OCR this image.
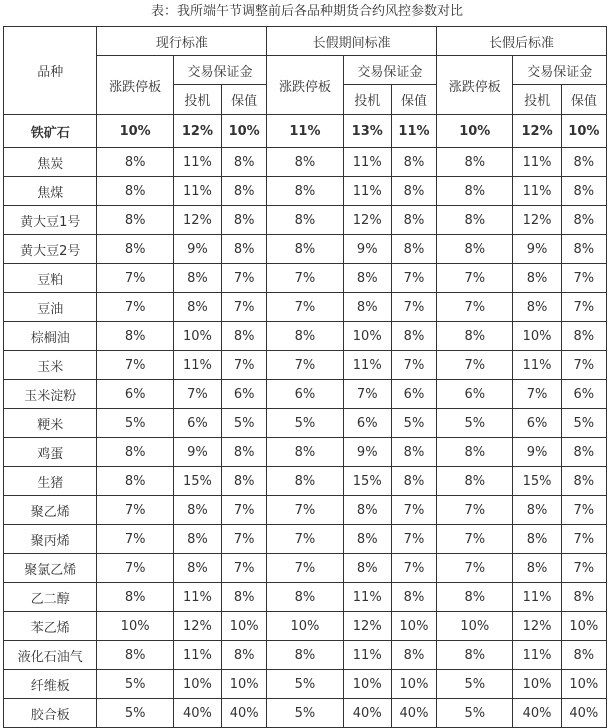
表：我所端午节调整前后各品种期货合约风控参数对比
品种	现行标准			长假期间标准			长假后标准		
	涨跌停板	交易保证金		涨跌停板	交易保证金		涨跌停板	交易保证金	
		投机	保值		投机	保值		投机	保值
铁矿石	10%	12%	10%	11%	13%	11%	10%	12%	10%
焦炭	8%	11%	8%	8%	11%	8%	8%	11%	8%
焦煤	8%	11%	8%	8%	11%	8%	8%	11%	8%
黄大豆1号	8%	12%	8%	8%	12%	8%	8%	12%	8%
黄大豆2号	8%	9%	8%	8%	9%	8%	8%	9%	8%
豆粕	7%	8%	7%	7%	8%	7%	7%	8%	7%
豆油	7%	8%	7%	7%	8%	7%	7%	8%	7%
棕榈油	8%	10%	8%	8%	10%	8%	8%	10%	8%
玉米	7%	11%	7%	7%	11%	7%	7%	11%	7%
玉米淀粉	6%	7%	6%	6%	7%	6%	6%	7%	6%
粳米	5%	6%	5%	5%	6%	5%	5%	6%	5%
鸡蛋	8%	9%	8%	8%	9%	8%	8%	9%	8%
生猪	8%	15%	8%	8%	15%	8%	8%	15%	8%
聚乙烯	7%	8%	7%	7%	8%	7%	7%	8%	7%
聚丙烯	7%	8%	7%	7%	8%	7%	7%	8%	7%
聚氯乙烯	7%	8%	7%	7%	8%	7%	7%	8%	7%
乙二醇	8%	11%	8%	8%	11%	8%	8%	11%	8%
苯乙烯	10%	12%	10%	10%	12%	10%	10%	12%	10%
液化石油气	8%	11%	8%	8%	11%	8%	8%	11%	8%
纤维板	5%	10%	10%	5%	10%	10%	5%	10%	10%
胶合板	5%	40%	40%	5%	40%	40%	5%	40%	40%
